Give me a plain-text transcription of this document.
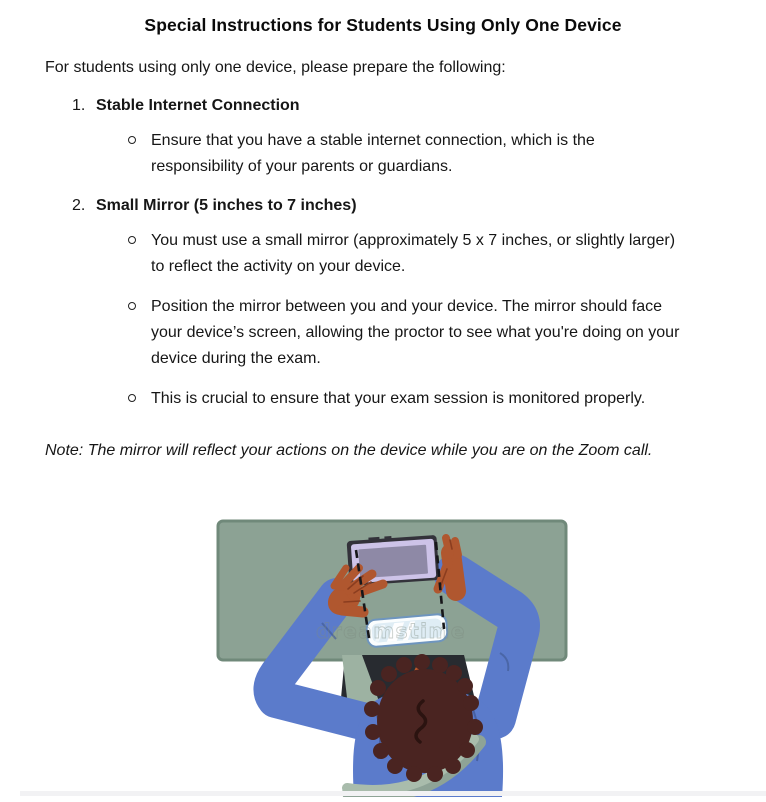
Special Instructions for Students Using Only One Device

For students using only one device, please prepare the following:

1. Stable Internet Connection
Ensure that you have a stable internet connection, which is the responsibility of your parents or guardians.
2. Small Mirror (5 inches to 7 inches)
You must use a small mirror (approximately 5 x 7 inches, or slightly larger) to reflect the activity on your device.
Position the mirror between you and your device. The mirror should face your device’s screen, allowing the proctor to see what you're doing on your device during the exam.
This is crucial to ensure that your exam session is monitored properly.

Note: The mirror will reflect your actions on the device while you are on the Zoom call.

dreamstime
